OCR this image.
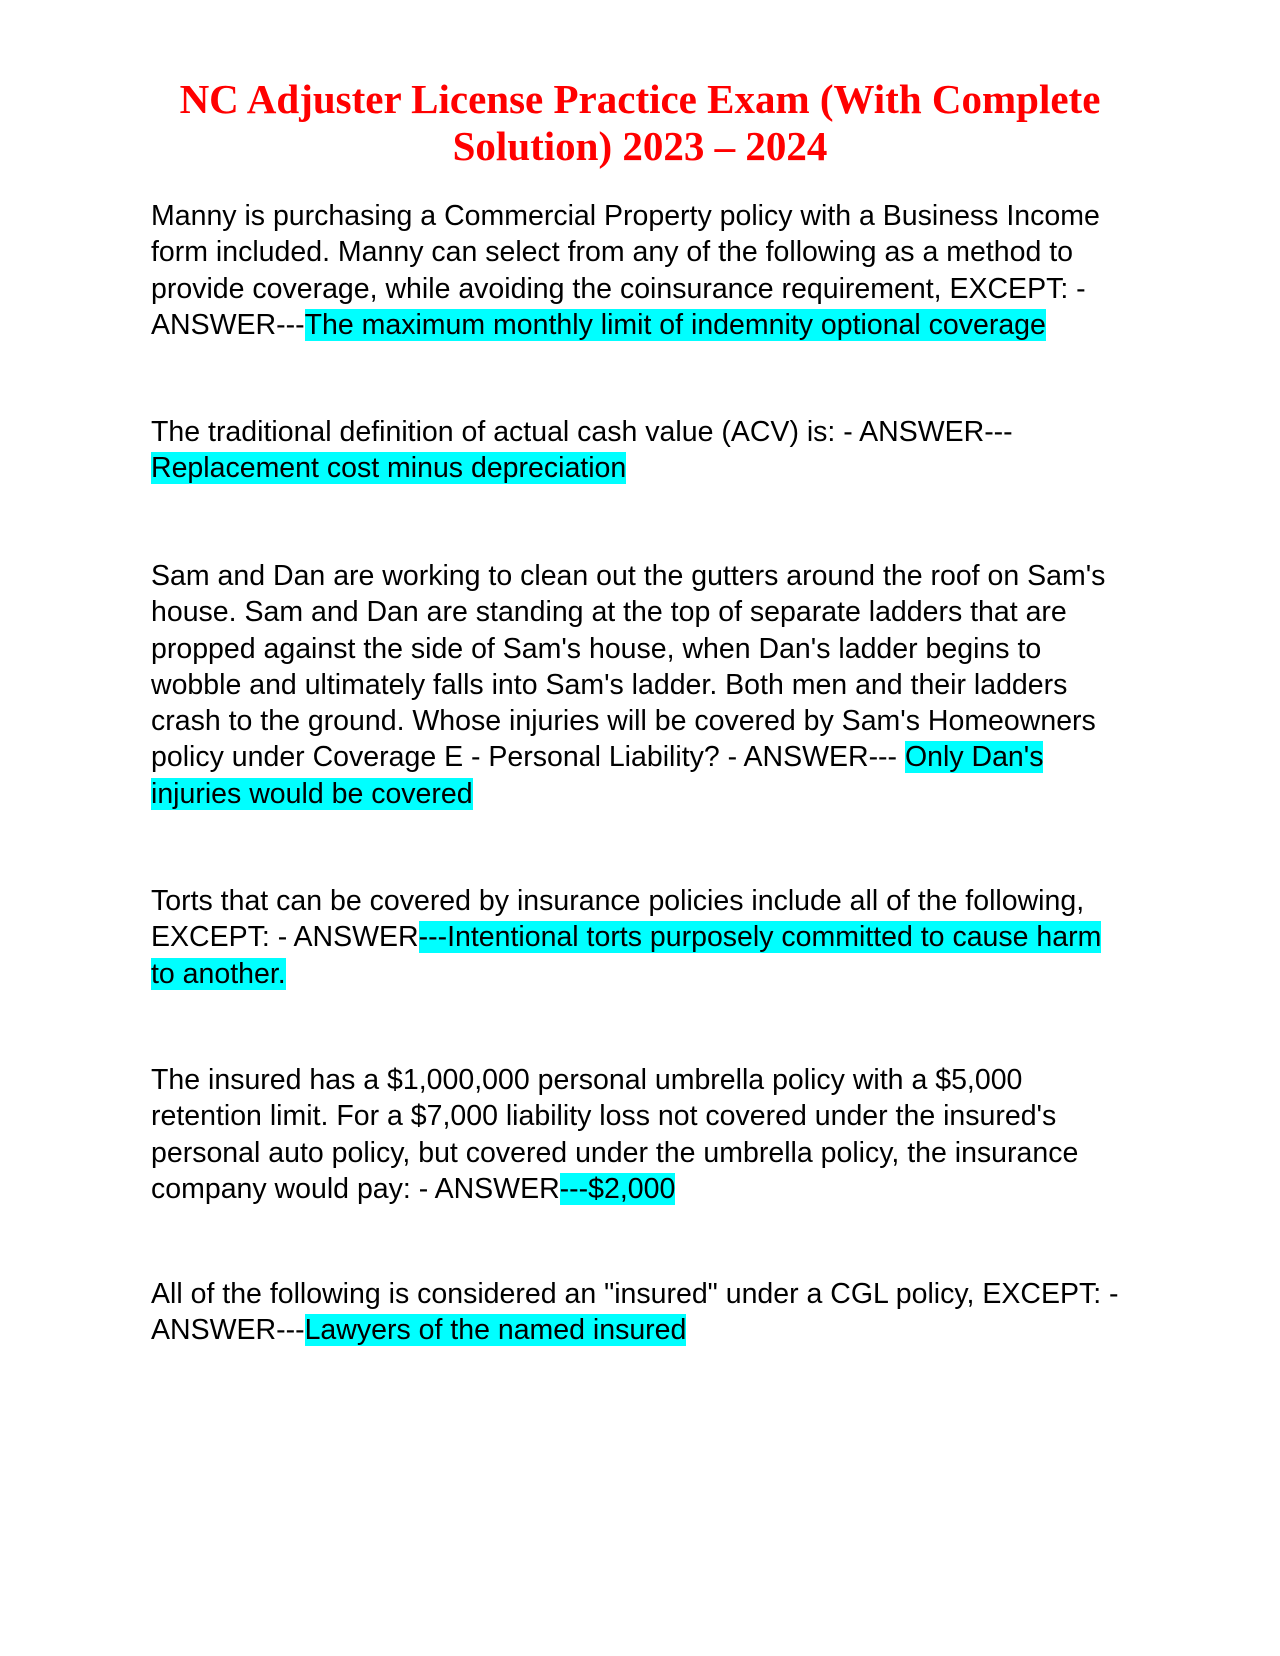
NC Adjuster License Practice Exam (With Complete Solution) 2023 – 2024

Manny is purchasing a Commercial Property policy with a Business Income form included. Manny can select from any of the following as a method to provide coverage, while avoiding the coinsurance requirement, EXCEPT: - ANSWER---The maximum monthly limit of indemnity optional coverage

The traditional definition of actual cash value (ACV) is: - ANSWER--- Replacement cost minus depreciation

Sam and Dan are working to clean out the gutters around the roof on Sam's house. Sam and Dan are standing at the top of separate ladders that are propped against the side of Sam's house, when Dan's ladder begins to wobble and ultimately falls into Sam's ladder. Both men and their ladders crash to the ground. Whose injuries will be covered by Sam's Homeowners policy under Coverage E - Personal Liability? - ANSWER--- Only Dan's injuries would be covered

Torts that can be covered by insurance policies include all of the following, EXCEPT: - ANSWER---Intentional torts purposely committed to cause harm to another.

The insured has a $1,000,000 personal umbrella policy with a $5,000 retention limit. For a $7,000 liability loss not covered under the insured's personal auto policy, but covered under the umbrella policy, the insurance company would pay: - ANSWER---$2,000

All of the following is considered an "insured" under a CGL policy, EXCEPT: - ANSWER---Lawyers of the named insured
